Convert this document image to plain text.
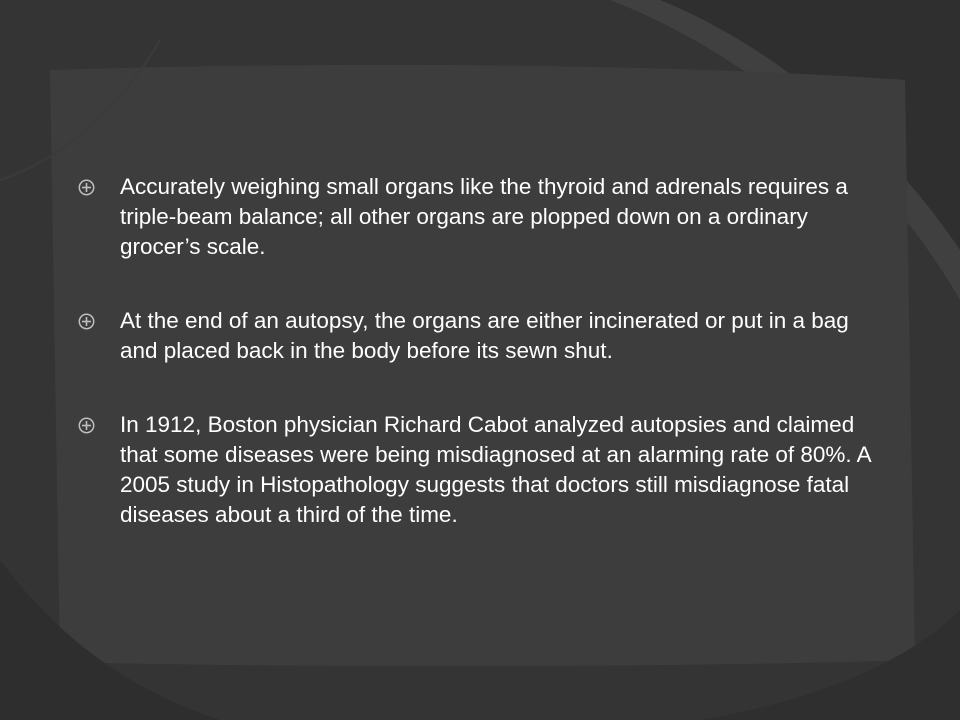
Accurately weighing small organs like the thyroid and adrenals requires a triple-beam balance; all other organs are plopped down on a ordinary grocer’s scale.
At the end of an autopsy, the organs are either incinerated or put in a bag and placed back in the body before its sewn shut.
In 1912, Boston physician Richard Cabot analyzed autopsies and claimed that some diseases were being misdiagnosed at an alarming rate of 80%. A 2005 study in Histopathology suggests that doctors still misdiagnose fatal diseases about a third of the time.
